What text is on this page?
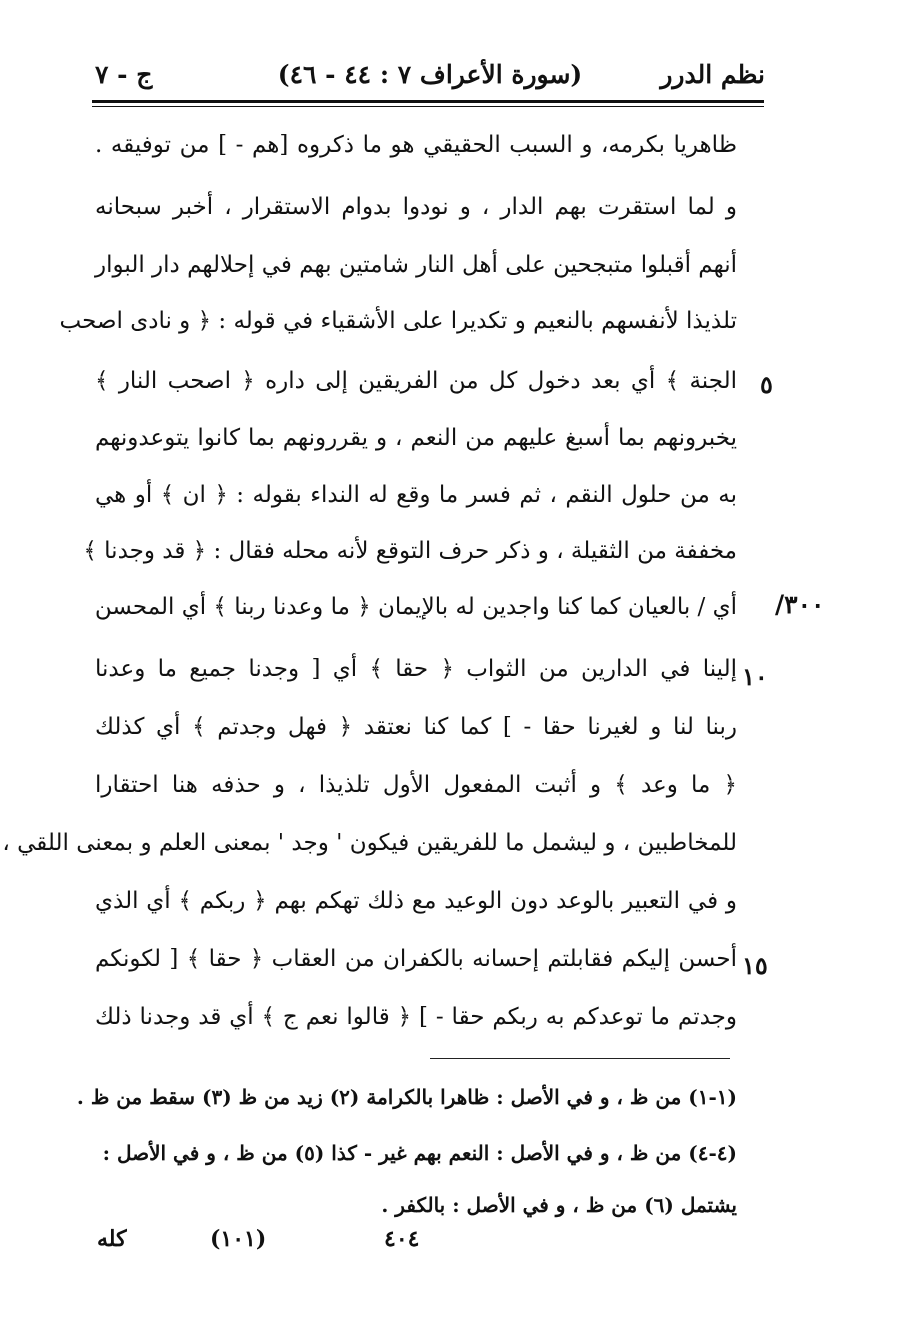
نظم الدرر
(سورة الأعراف ٧ : ٤٤ - ٤٦)
ج - ٧
٥
١٠
١٥
/٣٠٠
ظاهريا بكرمه، و السبب الحقيقي هو ما ذكروه [هم - ] من توفيقه .
و لما استقرت بهم الدار ، و نودوا بدوام الاستقرار ، أخبر سبحانه
أنهم أقبلوا متبجحين على أهل النار شامتين بهم في إحلالهم دار البوار
تلذيذا لأنفسهم بالنعيم و تكديرا على الأشقياء في قوله : ﴿ و نادى اصحب
الجنة ﴾ أي بعد دخول كل من الفريقين إلى داره ﴿ اصحب النار ﴾
يخبرونهم بما أسبغ عليهم من النعم ، و يقررونهم بما كانوا يتوعدونهم
به من حلول النقم ، ثم فسر ما وقع له النداء بقوله : ﴿ ان ﴾ أو هي
مخففة من الثقيلة ، و ذكر حرف التوقع لأنه محله فقال : ﴿ قد وجدنا ﴾
أي / بالعيان كما كنا واجدين له بالإيمان ﴿ ما وعدنا ربنا ﴾ أي المحسن
إلينا في الدارين من الثواب ﴿ حقا ﴾ أي [ وجدنا جميع ما وعدنا
ربنا لنا و لغيرنا حقا - ] كما كنا نعتقد ﴿ فهل وجدتم ﴾ أي كذلك
﴿ ما وعد ﴾ و أثبت المفعول الأول تلذيذا ، و حذفه هنا احتقارا
للمخاطبين ، و ليشمل ما للفريقين فيكون ' وجد ' بمعنى العلم و بمعنى اللقي ،
و في التعبير بالوعد دون الوعيد مع ذلك تهكم بهم ﴿ ربكم ﴾ أي الذي
أحسن إليكم فقابلتم إحسانه بالكفران من العقاب ﴿ حقا ﴾ [ لكونكم
وجدتم ما توعدكم به ربكم حقا - ] ﴿ قالوا نعم ج ﴾ أي قد وجدنا ذلك
(١-١) من ظ ، و في الأصل : ظاهرا بالكرامة (٢) زيد من ظ (٣) سقط من ظ .
(٤-٤) من ظ ، و في الأصل : النعم بهم غير - كذا (٥) من ظ ، و في الأصل :
يشتمل (٦) من ظ ، و في الأصل : بالكفر .
كله	(١٠١)	٤٠٤
